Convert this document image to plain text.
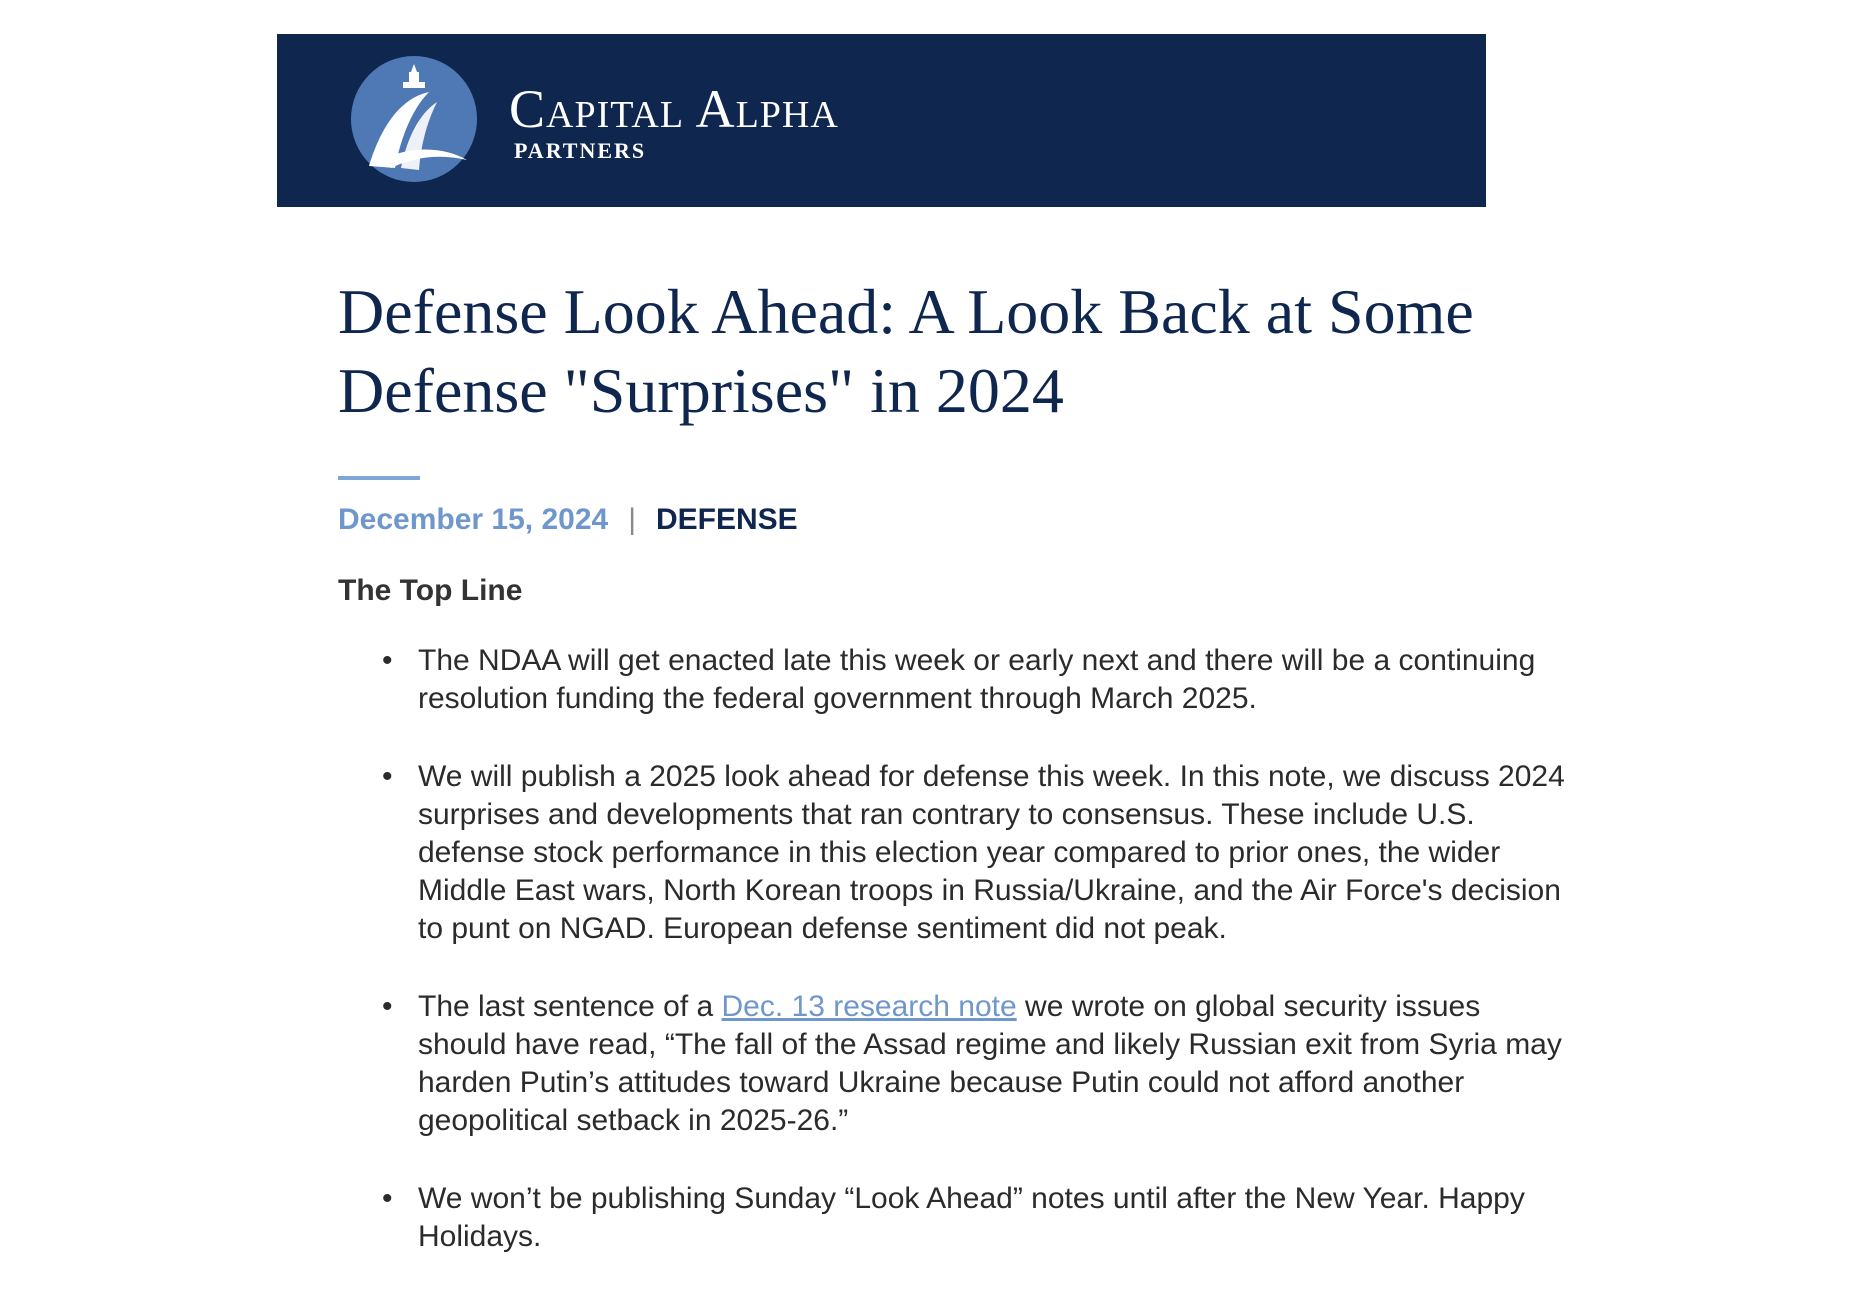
Capital Alpha
PARTNERS
Defense Look Ahead: A Look Back at Some Defense "Surprises" in 2024
December 15, 2024 | DEFENSE
The Top Line
• The NDAA will get enacted late this week or early next and there will be a continuing resolution funding the federal government through March 2025.
• We will publish a 2025 look ahead for defense this week. In this note, we discuss 2024 surprises and developments that ran contrary to consensus. These include U.S. defense stock performance in this election year compared to prior ones, the wider Middle East wars, North Korean troops in Russia/Ukraine, and the Air Force's decision to punt on NGAD. European defense sentiment did not peak.
• The last sentence of a Dec. 13 research note we wrote on global security issues should have read, “The fall of the Assad regime and likely Russian exit from Syria may harden Putin’s attitudes toward Ukraine because Putin could not afford another geopolitical setback in 2025-26.”
• We won’t be publishing Sunday “Look Ahead” notes until after the New Year. Happy Holidays.
